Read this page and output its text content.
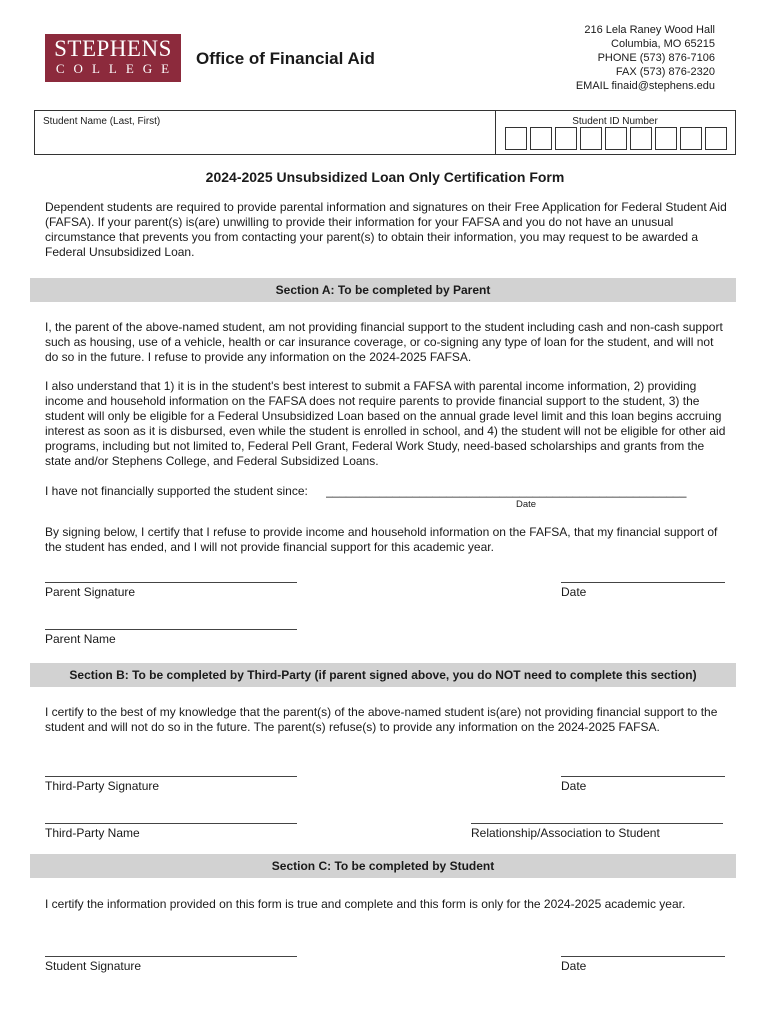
STEPHENS
COLLEGE
Office of Financial Aid
216 Lela Raney Wood Hall
Columbia, MO 65215
PHONE (573) 876-7106
FAX (573) 876-2320
EMAIL finaid@stephens.edu
Student Name (Last, First)	Student ID Number
2024-2025 Unsubsidized Loan Only Certification Form
Dependent students are required to provide parental information and signatures on their Free Application for Federal Student Aid (FAFSA). If your parent(s) is(are) unwilling to provide their information for your FAFSA and you do not have an unusual circumstance that prevents you from contacting your parent(s) to obtain their information, you may request to be awarded a Federal Unsubsidized Loan.
Section A: To be completed by Parent
I, the parent of the above-named student, am not providing financial support to the student including cash and non-cash support such as housing, use of a vehicle, health or car insurance coverage, or co-signing any type of loan for the student, and will not do so in the future. I refuse to provide any information on the 2024-2025 FAFSA.
I also understand that 1) it is in the student's best interest to submit a FAFSA with parental income information, 2) providing income and household information on the FAFSA does not require parents to provide financial support to the student, 3) the student will only be eligible for a Federal Unsubsidized Loan based on the annual grade level limit and this loan begins accruing interest as soon as it is disbursed, even while the student is enrolled in school, and 4) the student will not be eligible for other aid programs, including but not limited to, Federal Pell Grant, Federal Work Study, need-based scholarships and grants from the state and/or Stephens College, and Federal Subsidized Loans.
I have not financially supported the student since: ______________________________________________________
Date
By signing below, I certify that I refuse to provide income and household information on the FAFSA, that my financial support of the student has ended, and I will not provide financial support for this academic year.
Parent Signature	Date
Parent Name
Section B: To be completed by Third-Party (if parent signed above, you do NOT need to complete this section)
I certify to the best of my knowledge that the parent(s) of the above-named student is(are) not providing financial support to the student and will not do so in the future. The parent(s) refuse(s) to provide any information on the 2024-2025 FAFSA.
Third-Party Signature	Date
Third-Party Name	Relationship/Association to Student
Section C: To be completed by Student
I certify the information provided on this form is true and complete and this form is only for the 2024-2025 academic year.
Student Signature	Date
